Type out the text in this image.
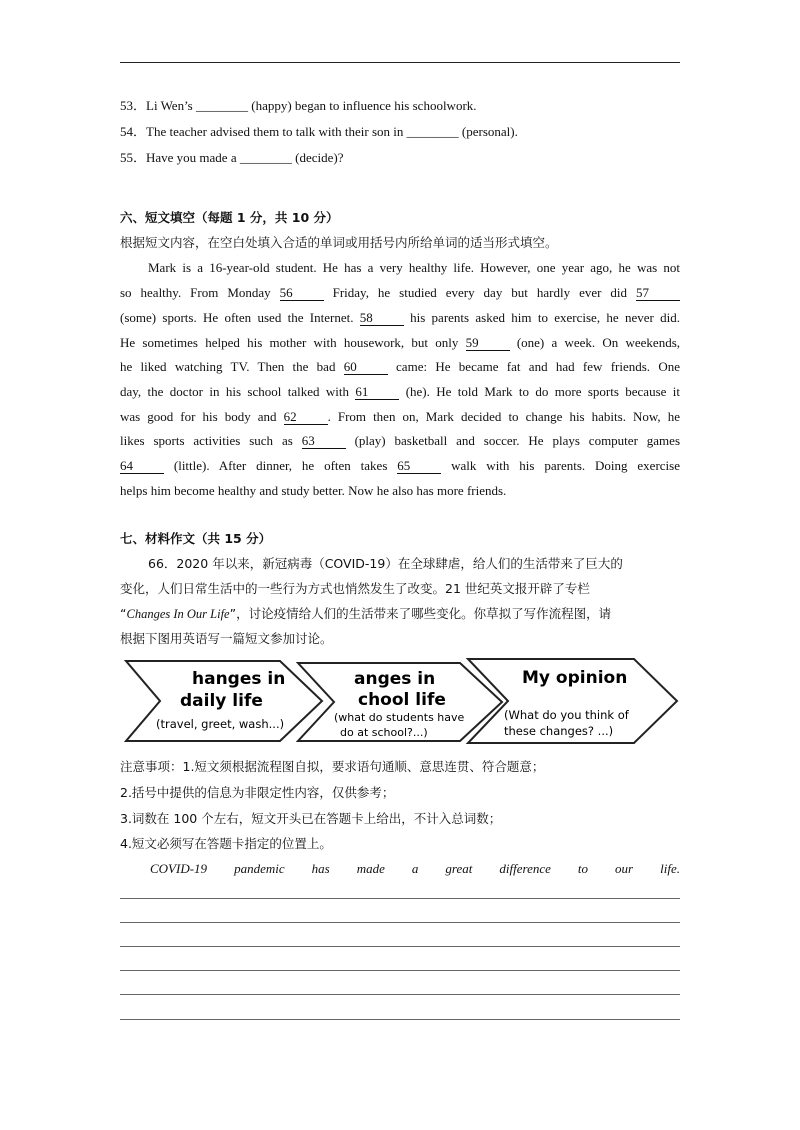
53．Li Wen’s ________ (happy) began to influence his schoolwork.
54．The teacher advised them to talk with their son in ________ (personal).
55．Have you made a ________ (decide)?
六、短文填空（每题 1 分，共 10 分）
根据短文内容，在空白处填入合适的单词或用括号内所给单词的适当形式填空。
Mark is a 16-year-old student. He has a very healthy life. However, one year ago, he was not
so healthy. From Monday 56 Friday, he studied every day but hardly ever did 57
(some) sports. He often used the Internet. 58 his parents asked him to exercise, he never did.
He sometimes helped his mother with housework, but only 59 (one) a week. On weekends,
he liked watching TV. Then the bad 60 came: He became fat and had few friends. One
day, the doctor in his school talked with 61 (he). He told Mark to do more sports because it
was good for his body and 62 . From then on, Mark decided to change his habits. Now, he
likes sports activities such as 63 (play) basketball and soccer. He plays computer games
64 (little). After dinner, he often takes 65 walk with his parents. Doing exercise
helps him become healthy and study better. Now he also has more friends.
七、材料作文（共 15 分）
66．2020 年以来，新冠病毒（COVID-19）在全球肆虐，给人们的生活带来了巨大的
变化，人们日常生活中的一些行为方式也悄然发生了改变。21 世纪英文报开辟了专栏
“Changes In Our Life”，讨论疫情给人们的生活带来了哪些变化。你草拟了写作流程图，请
根据下图用英语写一篇短文参加讨论。
hanges in
daily life
(travel, greet, wash...)
anges in
chool life
(what do students have
do at school?...)
My opinion
(What do you think of
these changes? ...)
注意事项：1.短文须根据流程图自拟，要求语句通顺、意思连贯、符合题意；
2.括号中提供的信息为非限定性内容，仅供参考；
3.词数在 100 个左右，短文开头已在答题卡上给出，不计入总词数；
4.短文必须写在答题卡指定的位置上。
COVID-19 pandemic has made a great difference to our life.
